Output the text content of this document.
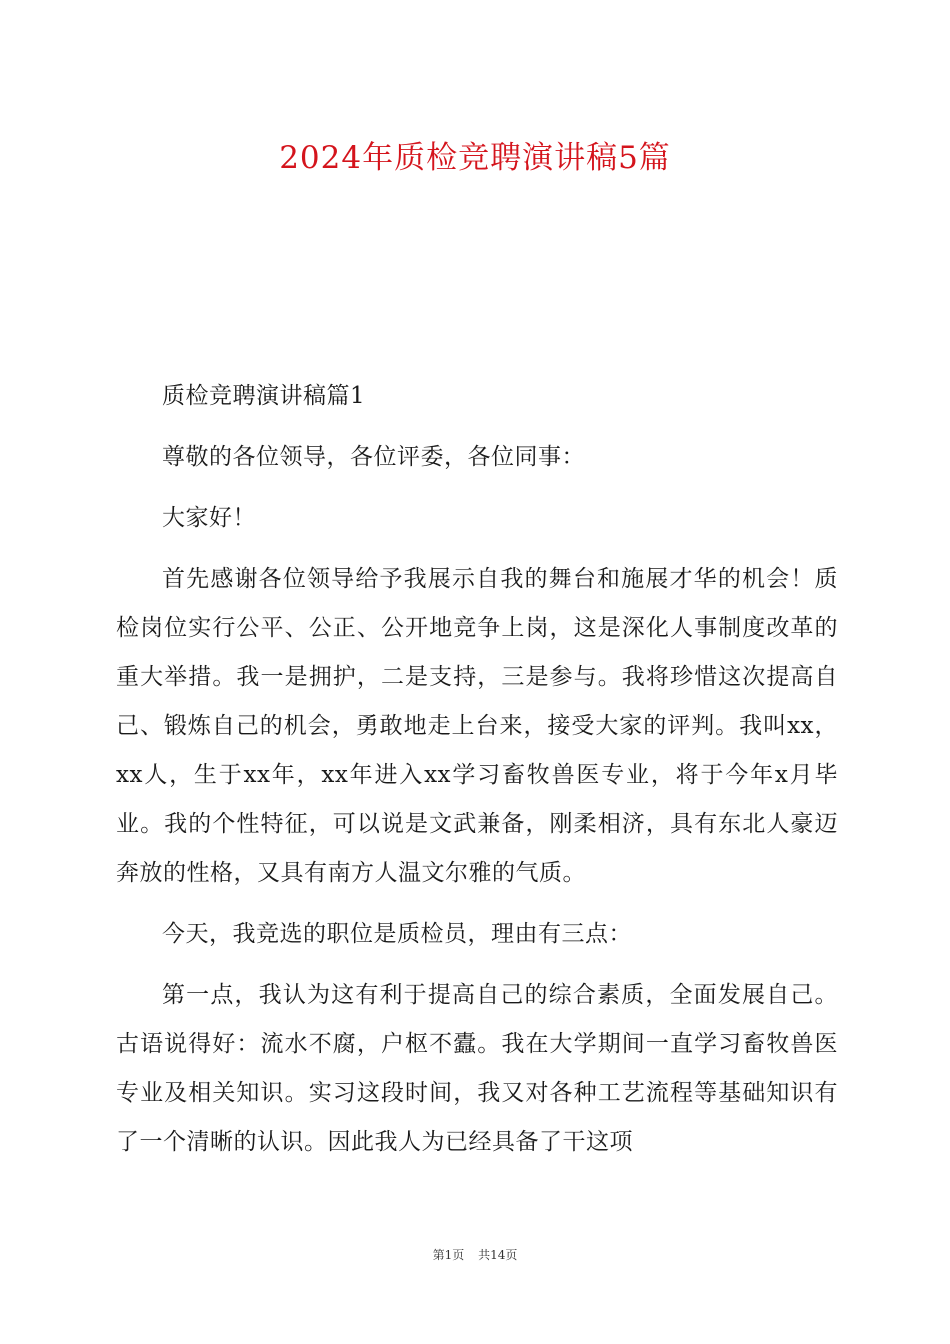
2024年质检竞聘演讲稿5篇

质检竞聘演讲稿篇1

尊敬的各位领导，各位评委，各位同事：

大家好！

首先感谢各位领导给予我展示自我的舞台和施展才华的机会！质检岗位实行公平、公正、公开地竞争上岗，这是深化人事制度改革的重大举措。我一是拥护，二是支持，三是参与。我将珍惜这次提高自己、锻炼自己的机会，勇敢地走上台来，接受大家的评判。我叫xx，xx人，生于xx年，xx年进入xx学习畜牧兽医专业，将于今年x月毕业。我的个性特征，可以说是文武兼备，刚柔相济，具有东北人豪迈奔放的性格，又具有南方人温文尔雅的气质。

今天，我竞选的职位是质检员，理由有三点：

第一点，我认为这有利于提高自己的综合素质，全面发展自己。古语说得好：流水不腐，户枢不蠹。我在大学期间一直学习畜牧兽医专业及相关知识。实习这段时间，我又对各种工艺流程等基础知识有了一个清晰的认识。因此我人为已经具备了干这项

第1页 共14页
